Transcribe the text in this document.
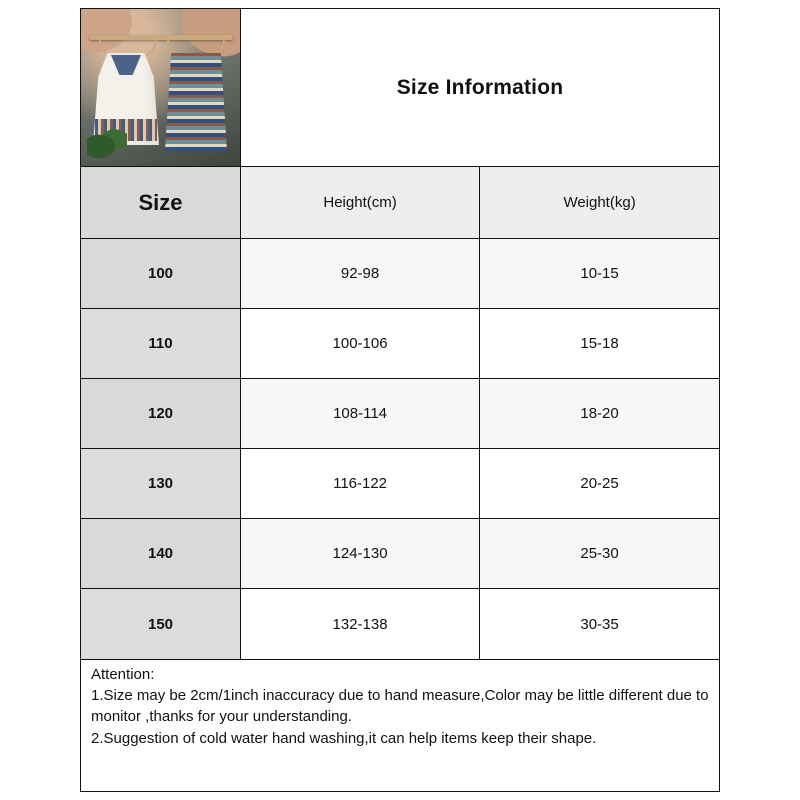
Size Information
Size	Height(cm)	Weight(kg)
100	92-98	10-15
110	100-106	15-18
120	108-114	18-20
130	116-122	20-25
140	124-130	25-30
150	132-138	30-35

Attention:

1.Size may be 2cm/1inch inaccuracy due to hand measure,Color may be little different due to monitor ,thanks for your understanding.

2.Suggestion of cold water hand washing,it can help items keep their shape.
